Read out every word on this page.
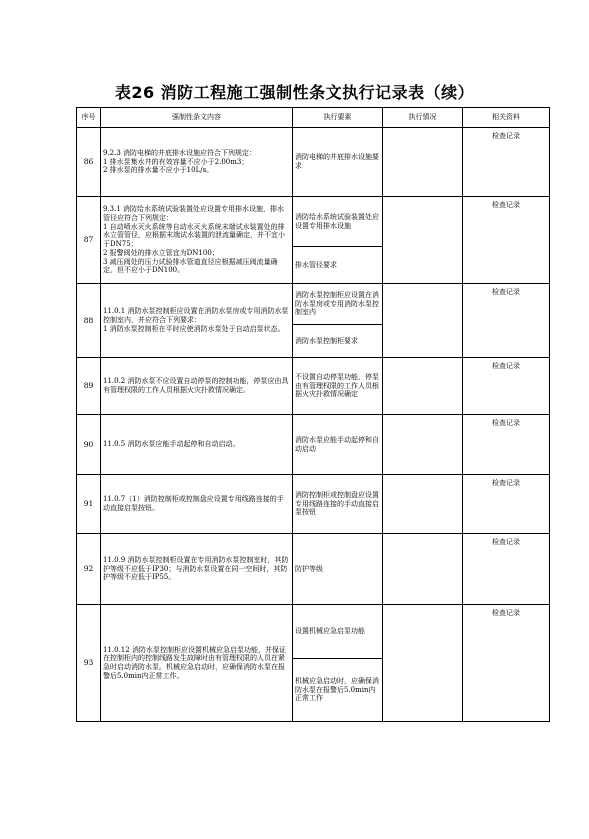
表26 消防工程施工强制性条文执行记录表（续）
序号	强制性条文内容	执行要素	执行情况	相关资料
86	9.2.3 消防电梯的井底排水设施应符合下列规定：
1 排水泵集水井的有效容量不应小于2.00m3；
2 排水泵的排水量不应小于10L/s。	消防电梯的井底排水设施要求		检查记录
87	9.3.1 消防给水系统试验装置处应设置专用排水设施，排水管径应符合下列规定：
1 自动喷水灭火系统等自动水灭火系统末端试水装置处的排水立管管径，应根据末端试水装置的泄流量确定，并不宜小于DN75；
2 报警阀处的排水立管宜为DN100；
3 减压阀处的压力试验排水管道直径应根据减压阀流量确定，但不应小于DN100。	消防给水系统试验装置处应设置专用排水设施		检查记录
		排水管径要求		
88	11.0.1 消防水泵控制柜应设置在消防水泵房或专用消防水泵控制室内，并应符合下列要求：
1 消防水泵控制柜在平时应使消防水泵处于自动启泵状态。	消防水泵控制柜应设置在消防水泵房或专用消防水泵控制室内		检查记录
		消防水泵控制柜要求		
89	11.0.2 消防水泵不应设置自动停泵的控制功能，停泵应由具有管理权限的工作人员根据火灾扑救情况确定。	不设置自动停泵功能，停泵由有管理权限的工作人员根据火灾扑救情况确定		检查记录
90	11.0.5 消防水泵应能手动起停和自动启动。	消防水泵应能手动起停和自动启动		检查记录
91	11.0.7（1）消防控制柜或控制盘应设置专用线路连接的手动直接启泵按钮。	消防控制柜或控制盘应设置专用线路连接的手动直接启泵按钮		检查记录
92	11.0.9 消防水泵控制柜设置在专用消防水泵控制室时，其防护等级不应低于IP30；与消防水泵设置在同一空间时，其防护等级不应低于IP55。	防护等级		检查记录
93	11.0.12 消防水泵控制柜应设置机械应急启泵功能，并保证在控制柜内的控制线路发生故障时由有管理权限的人员在紧急时启动消防水泵。机械应急启动时，应确保消防水泵在报警后5.0min内正常工作。	设置机械应急启泵功能		检查记录
		机械应急启动时，应确保消防水泵在报警后5.0min内正常工作		
